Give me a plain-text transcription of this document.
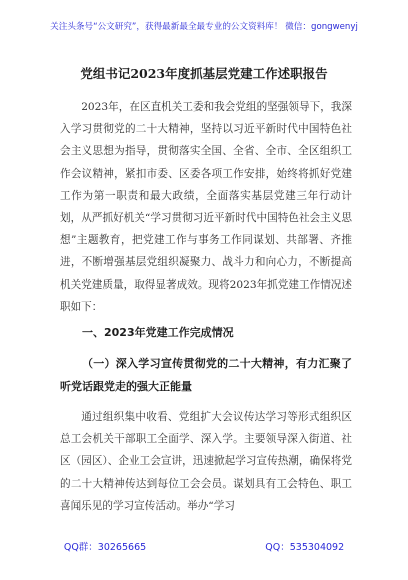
关注头条号“公文研究”，获得最新最全最专业的公文资料库！ 微信：gongwenyj
党组书记2023年度抓基层党建工作述职报告
2023年，在区直机关工委和我会党组的坚强领导下，我深入学习贯彻党的二十大精神，坚持以习近平新时代中国特色社会主义思想为指导，贯彻落实全国、全省、全市、全区组织工作会议精神，紧扣市委、区委各项工作安排，始终将抓好党建工作为第一职责和最大政绩，全面落实基层党建三年行动计划，从严抓好机关“学习贯彻习近平新时代中国特色社会主义思想”主题教育，把党建工作与事务工作同谋划、共部署、齐推进，不断增强基层党组织凝聚力、战斗力和向心力，不断提高机关党建质量，取得显著成效。现将2023年抓党建工作情况述职如下：
一、2023年党建工作完成情况
（一）深入学习宣传贯彻党的二十大精神，有力汇聚了听党话跟党走的强大正能量
通过组织集中收看、党组扩大会议传达学习等形式组织区总工会机关干部职工全面学、深入学。主要领导深入街道、社区（园区）、企业工会宣讲，迅速掀起学习宣传热潮，确保将党的二十大精神传达到每位工会会员。谋划具有工会特色、职工喜闻乐见的学习宣传活动。举办“学习
QQ群：30265665	QQ：535304092
